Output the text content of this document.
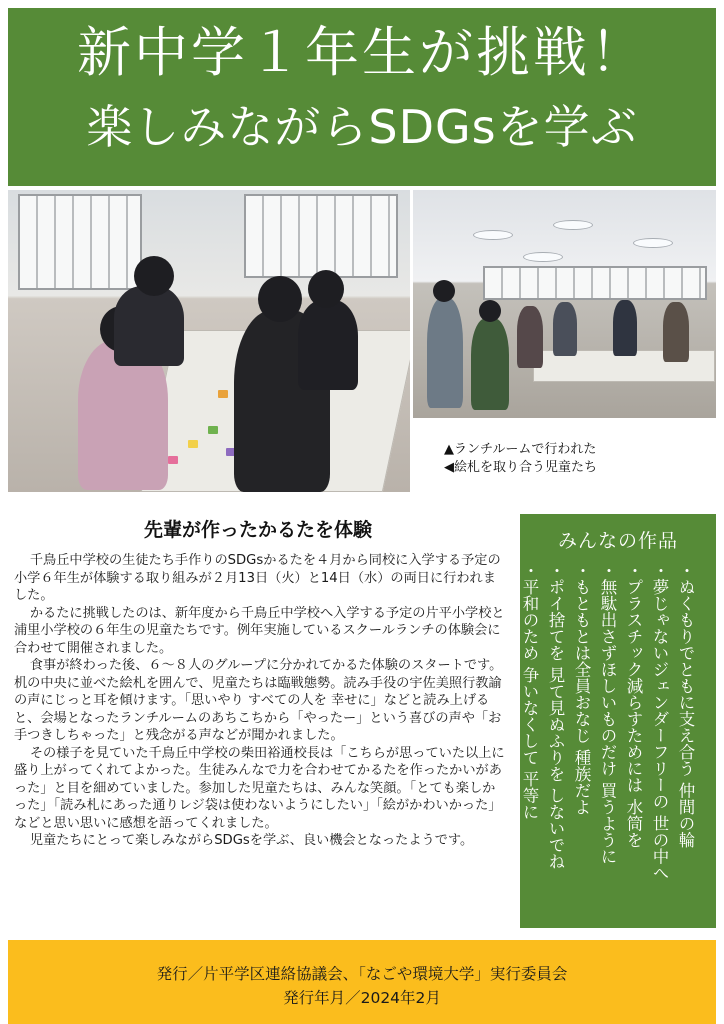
新中学１年生が挑戦！
楽しみながらSDGsを学ぶ
▲ランチルームで行われた
◀絵札を取り合う児童たち
先輩が作ったかるたを体験

千鳥丘中学校の生徒たち手作りのSDGsかるたを４月から同校に入学する予定の小学６年生が体験する取り組みが２月13日（火）と14日（水）の両日に行われました。

かるたに挑戦したのは、新年度から千鳥丘中学校へ入学する予定の片平小学校と浦里小学校の６年生の児童たちです。例年実施しているスクールランチの体験会に合わせて開催されました。

食事が終わった後、６〜８人のグループに分かれてかるた体験のスタートです。机の中央に並べた絵札を囲んで、児童たちは臨戦態勢。読み手役の宇佐美照行教諭の声にじっと耳を傾けます。「思いやり すべての人を 幸せに」などと読み上げると、会場となったランチルームのあちこちから「やったー」という喜びの声や「お手つきしちゃった」と残念がる声などが聞かれました。

その様子を見ていた千鳥丘中学校の柴田裕通校長は「こちらが思っていた以上に盛り上がってくれてよかった。生徒みんなで力を合わせてかるたを作ったかいがあった」と目を細めていました。参加した児童たちは、みんな笑顔。「とても楽しかった」「読み札にあった通りレジ袋は使わないようにしたい」「絵がかわいかった」などと思い思いに感想を語ってくれました。

児童たちにとって楽しみながらSDGsを学ぶ、良い機会となったようです。

みんなの作品

・ぬくもりでともに支え合う 仲間の輪

・夢じゃないジェンダーフリーの 世の中へ

・プラスチック減らすためには 水筒を

・無駄出さずほしいものだけ 買うように

・もともとは全員おなじ 種族だよ

・ポイ捨てを 見て見ぬふりを しないでね

・平和のため 争いなくして 平等に

発行／片平学区連絡協議会、「なごや環境大学」実行委員会
発行年月／2024年2月
